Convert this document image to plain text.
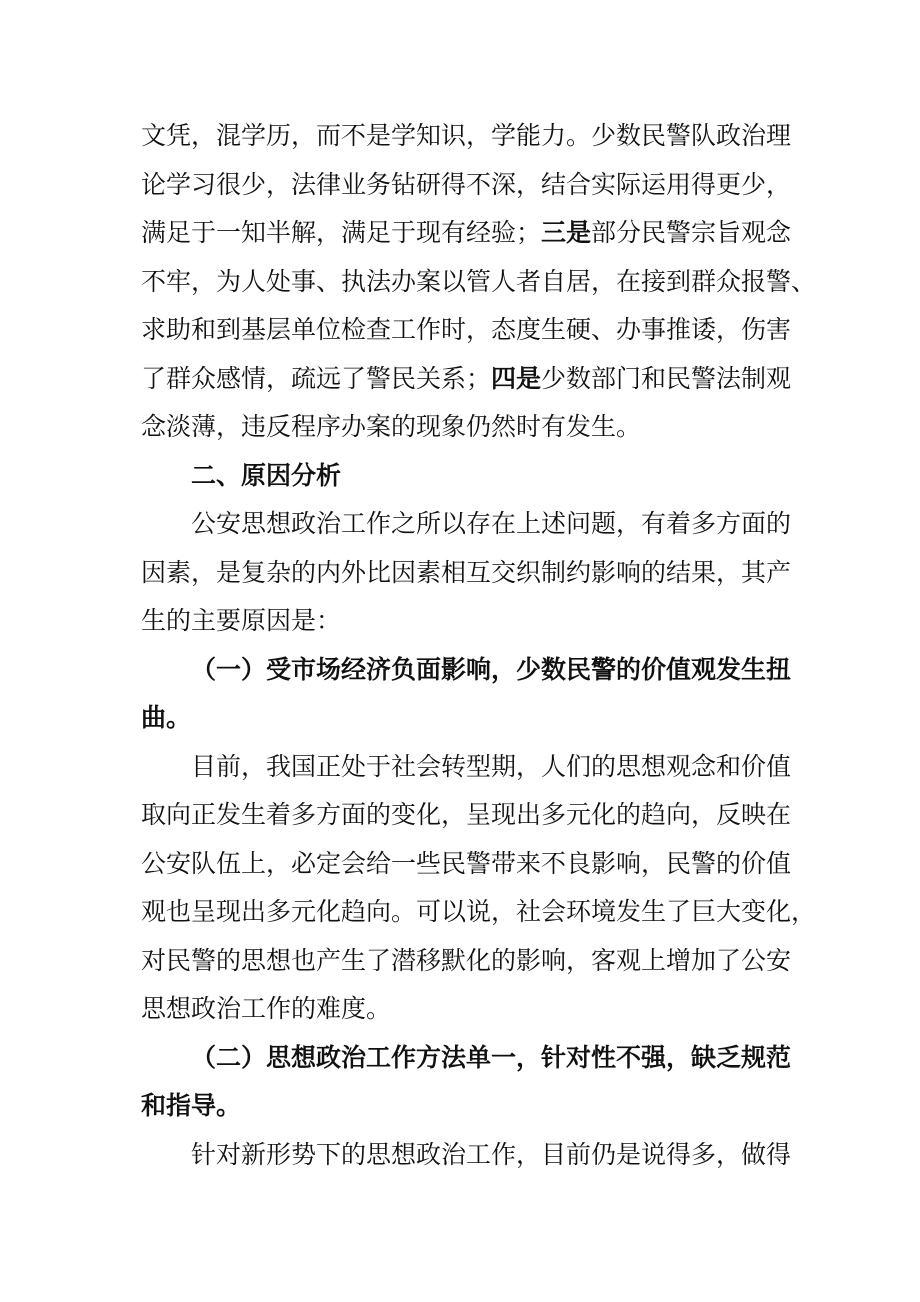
文凭，混学历，而不是学知识，学能力。少数民警队政治理
论学习很少，法律业务钻研得不深，结合实际运用得更少，
满足于一知半解，满足于现有经验；三是部分民警宗旨观念
不牢，为人处事、执法办案以管人者自居，在接到群众报警、
求助和到基层单位检查工作时，态度生硬、办事推诿，伤害
了群众感情，疏远了警民关系；四是少数部门和民警法制观
念淡薄，违反程序办案的现象仍然时有发生。
二、原因分析
公安思想政治工作之所以存在上述问题，有着多方面的
因素，是复杂的内外比因素相互交织制约影响的结果，其产
生的主要原因是：
（一）受市场经济负面影响，少数民警的价值观发生扭
曲。
目前，我国正处于社会转型期，人们的思想观念和价值
取向正发生着多方面的变化，呈现出多元化的趋向，反映在
公安队伍上，必定会给一些民警带来不良影响，民警的价值
观也呈现出多元化趋向。可以说，社会环境发生了巨大变化，
对民警的思想也产生了潜移默化的影响，客观上增加了公安
思想政治工作的难度。
（二）思想政治工作方法单一，针对性不强，缺乏规范
和指导。
针对新形势下的思想政治工作，目前仍是说得多，做得
